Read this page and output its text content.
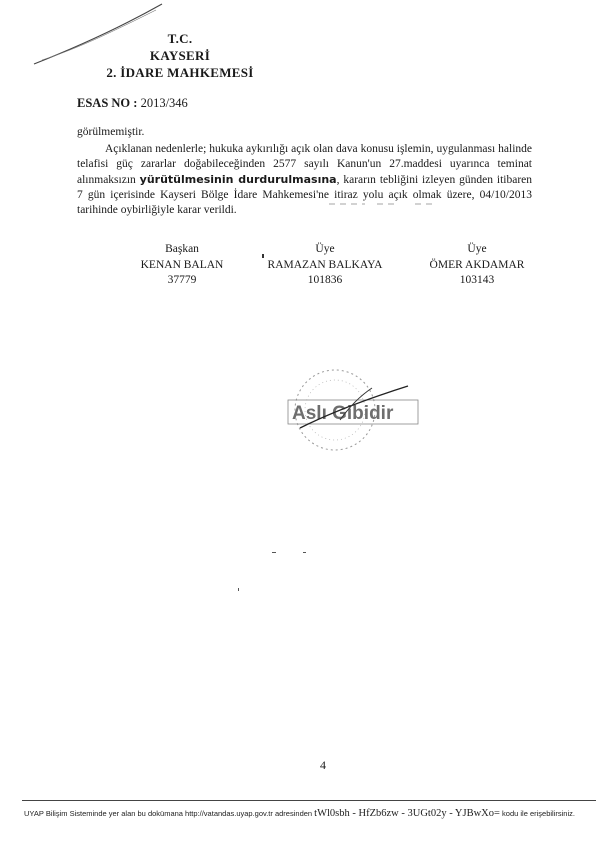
T.C.
KAYSERİ
2. İDARE MAHKEMESİ
ESAS NO : 2013/346
görülmemiştir.
Açıklanan nedenlerle; hukuka aykırılığı açık olan dava konusu işlemin, uygulanması halinde telafisi güç zararlar doğabileceğinden 2577 sayılı Kanun'un 27.maddesi uyarınca teminat alınmaksızın yürütülmesinin durdurulmasına, kararın tebliğini izleyen günden itibaren 7 gün içerisinde Kayseri Bölge İdare Mahkemesi'ne itiraz yolu açık olmak üzere, 04/10/2013 tarihinde oybirliğiyle karar verildi.
Başkan
KENAN BALAN
37779
Üye
RAMAZAN BALKAYA
101836
Üye
ÖMER AKDAMAR
103143
Aslı Gibidir
4
UYAP Bilişim Sisteminde yer alan bu dokümana http://vatandas.uyap.gov.tr adresinden tWl0sbh - HfZb6zw - 3UGt02y - YJBwXo= kodu ile erişebilirsiniz.
